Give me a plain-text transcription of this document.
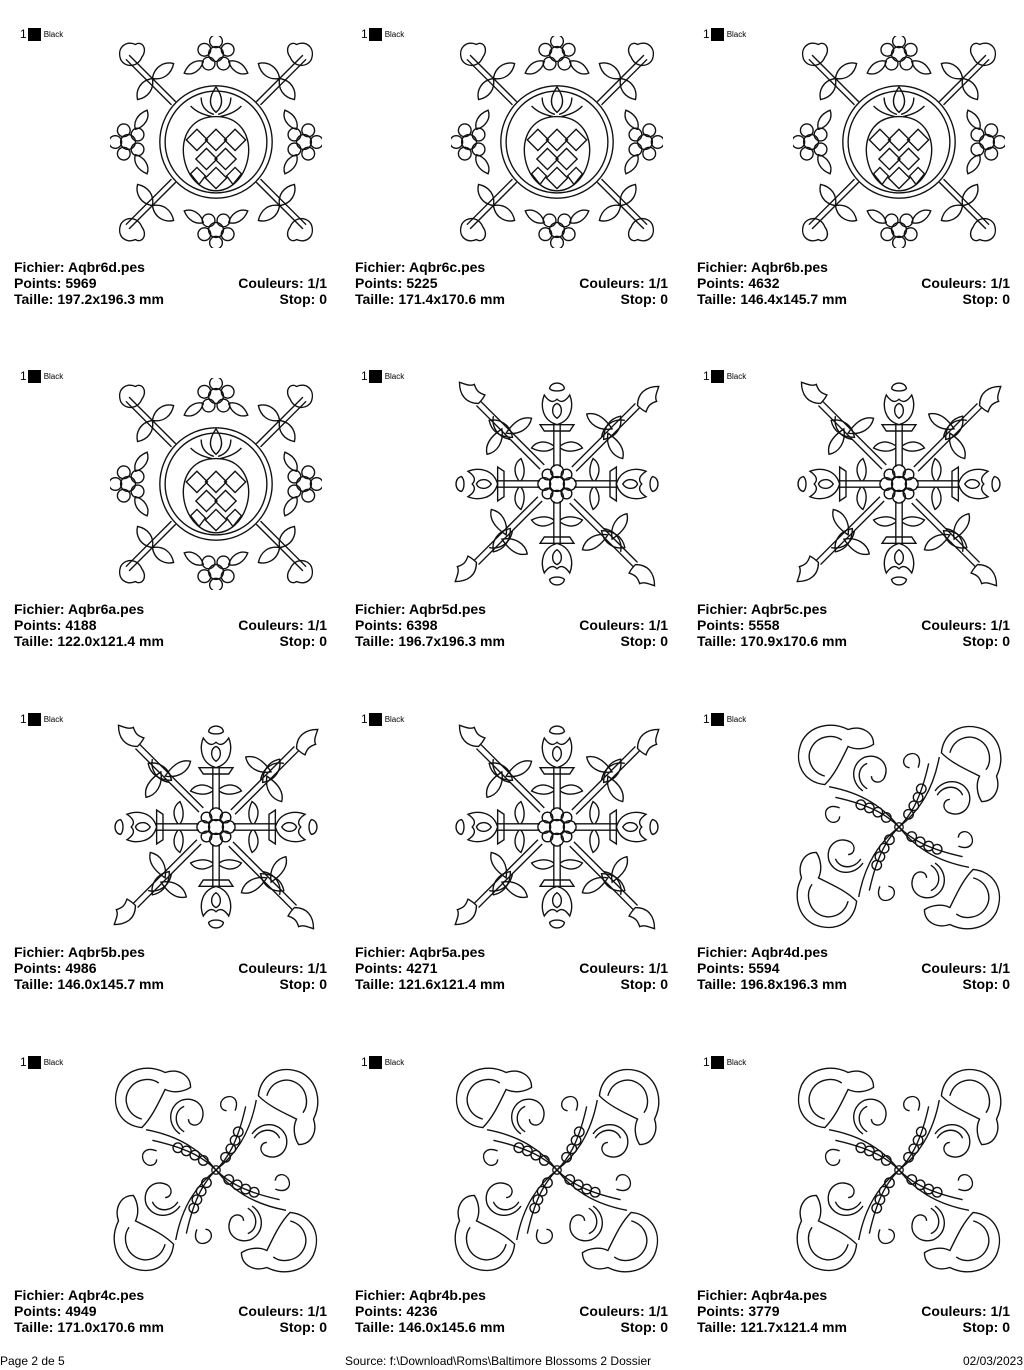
1 Black
Fichier: Aqbr6d.pes
Points: 5969	Couleurs: 1/1
Taille: 197.2x196.3 mm	Stop: 0
1 Black
Fichier: Aqbr6c.pes
Points: 5225	Couleurs: 1/1
Taille: 171.4x170.6 mm	Stop: 0
1 Black
Fichier: Aqbr6b.pes
Points: 4632	Couleurs: 1/1
Taille: 146.4x145.7 mm	Stop: 0
1 Black
Fichier: Aqbr6a.pes
Points: 4188	Couleurs: 1/1
Taille: 122.0x121.4 mm	Stop: 0
1 Black
Fichier: Aqbr5d.pes
Points: 6398	Couleurs: 1/1
Taille: 196.7x196.3 mm	Stop: 0
1 Black
Fichier: Aqbr5c.pes
Points: 5558	Couleurs: 1/1
Taille: 170.9x170.6 mm	Stop: 0
1 Black
Fichier: Aqbr5b.pes
Points: 4986	Couleurs: 1/1
Taille: 146.0x145.7 mm	Stop: 0
1 Black
Fichier: Aqbr5a.pes
Points: 4271	Couleurs: 1/1
Taille: 121.6x121.4 mm	Stop: 0
1 Black
Fichier: Aqbr4d.pes
Points: 5594	Couleurs: 1/1
Taille: 196.8x196.3 mm	Stop: 0
1 Black
Fichier: Aqbr4c.pes
Points: 4949	Couleurs: 1/1
Taille: 171.0x170.6 mm	Stop: 0
1 Black
Fichier: Aqbr4b.pes
Points: 4236	Couleurs: 1/1
Taille: 146.0x145.6 mm	Stop: 0
1 Black
Fichier: Aqbr4a.pes
Points: 3779	Couleurs: 1/1
Taille: 121.7x121.4 mm	Stop: 0
Page 2 de 5	Source: f:\Download\Roms\Baltimore Blossoms 2 Dossier	02/03/2023
